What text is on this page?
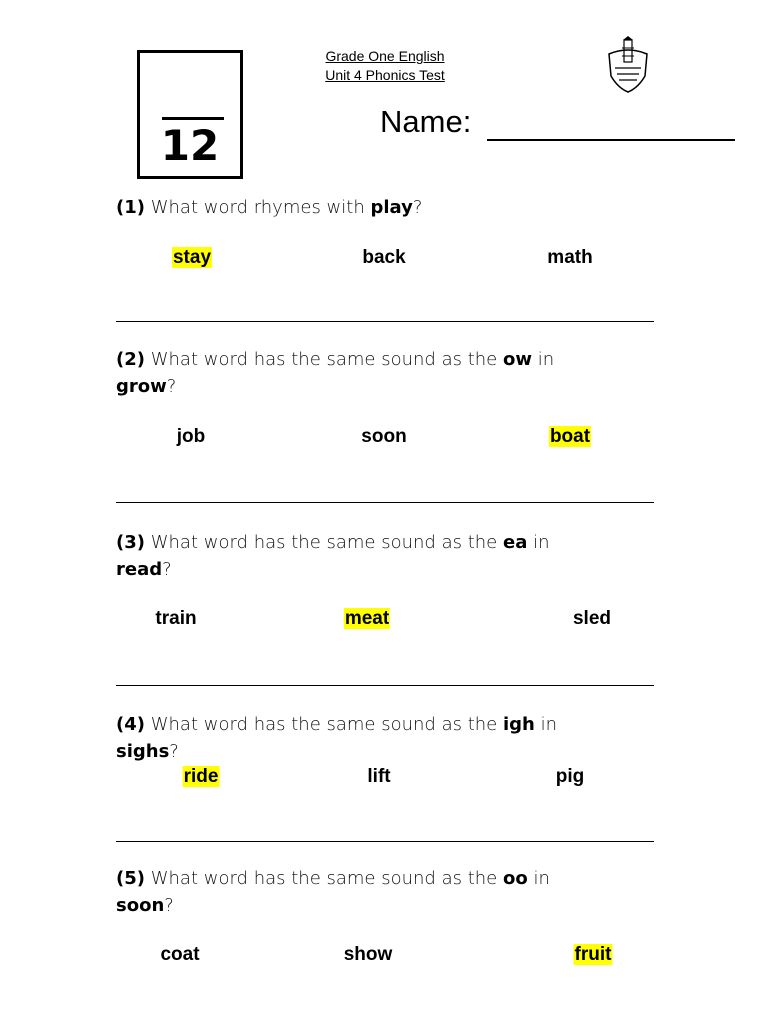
12
Grade One English
Unit 4 Phonics Test
Name:
(1) What word rhymes with play?
stay	back	math
(2) What word has the same sound as the ow in
grow?
job	soon	boat
(3) What word has the same sound as the ea in
read?
train	meat	sled
(4) What word has the same sound as the igh in
sighs?
ride	lift	pig
(5) What word has the same sound as the oo in
soon?
coat	show	fruit
